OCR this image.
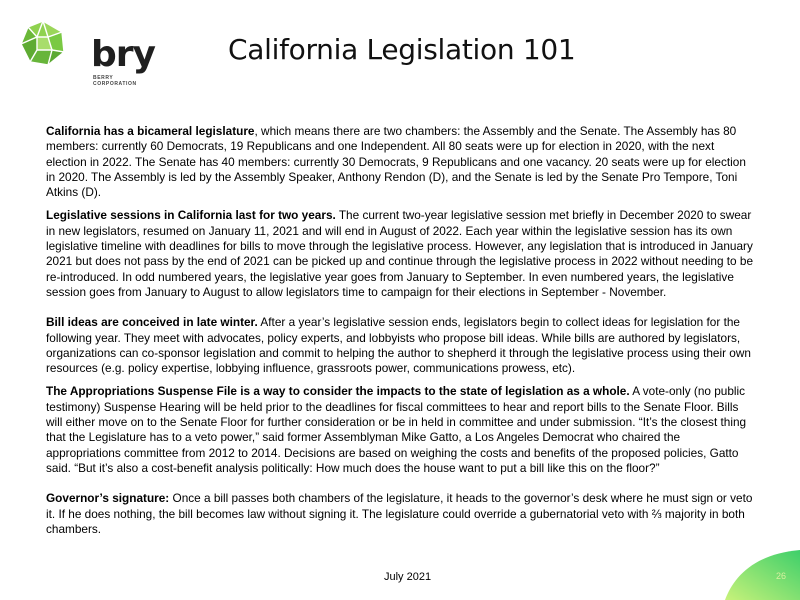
bry
BERRY
CORPORATION
California Legislation 101

California has a bicameral legislature, which means there are two chambers: the Assembly and the Senate. The Assembly has 80 members: currently 60 Democrats, 19 Republicans and one Independent. All 80 seats were up for election in 2020, with the next election in 2022. The Senate has 40 members: currently 30 Democrats, 9 Republicans and one vacancy. 20 seats were up for election in 2020. The Assembly is led by the Assembly Speaker, Anthony Rendon (D), and the Senate is led by the Senate Pro Tempore, Toni Atkins (D).

Legislative sessions in California last for two years. The current two-year legislative session met briefly in December 2020 to swear in new legislators, resumed on January 11, 2021 and will end in August of 2022. Each year within the legislative session has its own legislative timeline with deadlines for bills to move through the legislative process. However, any legislation that is introduced in January 2021 but does not pass by the end of 2021 can be picked up and continue through the legislative process in 2022 without needing to be re-introduced. In odd numbered years, the legislative year goes from January to September. In even numbered years, the legislative session goes from January to August to allow legislators time to campaign for their elections in September - November.

Bill ideas are conceived in late winter. After a year’s legislative session ends, legislators begin to collect ideas for legislation for the following year. They meet with advocates, policy experts, and lobbyists who propose bill ideas. While bills are authored by legislators, organizations can co-sponsor legislation and commit to helping the author to shepherd it through the legislative process using their own resources (e.g. policy expertise, lobbying influence, grassroots power, communications prowess, etc).

The Appropriations Suspense File is a way to consider the impacts to the state of legislation as a whole. A vote-only (no public testimony) Suspense Hearing will be held prior to the deadlines for fiscal committees to hear and report bills to the Senate Floor. Bills will either move on to the Senate Floor for further consideration or be in held in committee and under submission. “It’s the closest thing that the Legislature has to a veto power,” said former Assemblyman Mike Gatto, a Los Angeles Democrat who chaired the appropriations committee from 2012 to 2014. Decisions are based on weighing the costs and benefits of the proposed policies, Gatto said. “But it’s also a cost-benefit analysis politically: How much does the house want to put a bill like this on the floor?”

Governor’s signature: Once a bill passes both chambers of the legislature, it heads to the governor’s desk where he must sign or veto it. If he does nothing, the bill becomes law without signing it. The legislature could override a gubernatorial veto with ⅔ majority in both chambers.

July 2021	26
